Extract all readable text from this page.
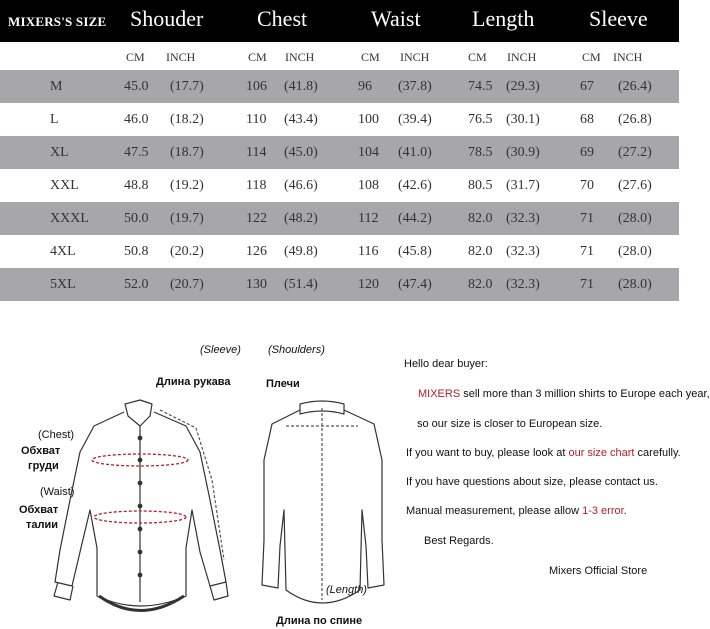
MIXERS'S SIZE Shouder Chest	Waist Length Sleeve
CM INCH	CM INCH	CM INCH	CM INCH	CM INCH
M	45.0 (17.7)	106 (41.8)	96 (37.8)	74.5 (29.3)	67 (26.4)
L	46.0 (18.2)	110 (43.4)	100 (39.4)	76.5 (30.1)	68 (26.8)
XL	47.5 (18.7)	114 (45.0)	104 (41.0)	78.5 (30.9)	69 (27.2)
XXL	48.8 (19.2)	118 (46.6)	108 (42.6)	80.5 (31.7)	70 (27.6)
XXXL	50.0 (19.7)	122 (48.2)	112 (44.2)	82.0 (32.3)	71 (28.0)
4XL	50.8 (20.2)	126 (49.8)	116 (45.8)	82.0 (32.3)	71 (28.0)
5XL	52.0 (20.7)	130 (51.4)	120 (47.4)	82.0 (32.3)	71 (28.0)
(Sleeve) (Shoulders)
Длина рукава	Плечи
(Chest)
Обхват
груди
(Waist)
Обхват
талии
(Length)
Длина по спине

Hello dear buyer:

MIXERS sell more than 3 million shirts to Europe each year,

so our size is closer to European size.

If you want to buy, please look at our size chart carefully.

If you have questions about size, please contact us.

Manual measurement, please allow 1-3 error.

Best Regards.

Mixers Official Store
